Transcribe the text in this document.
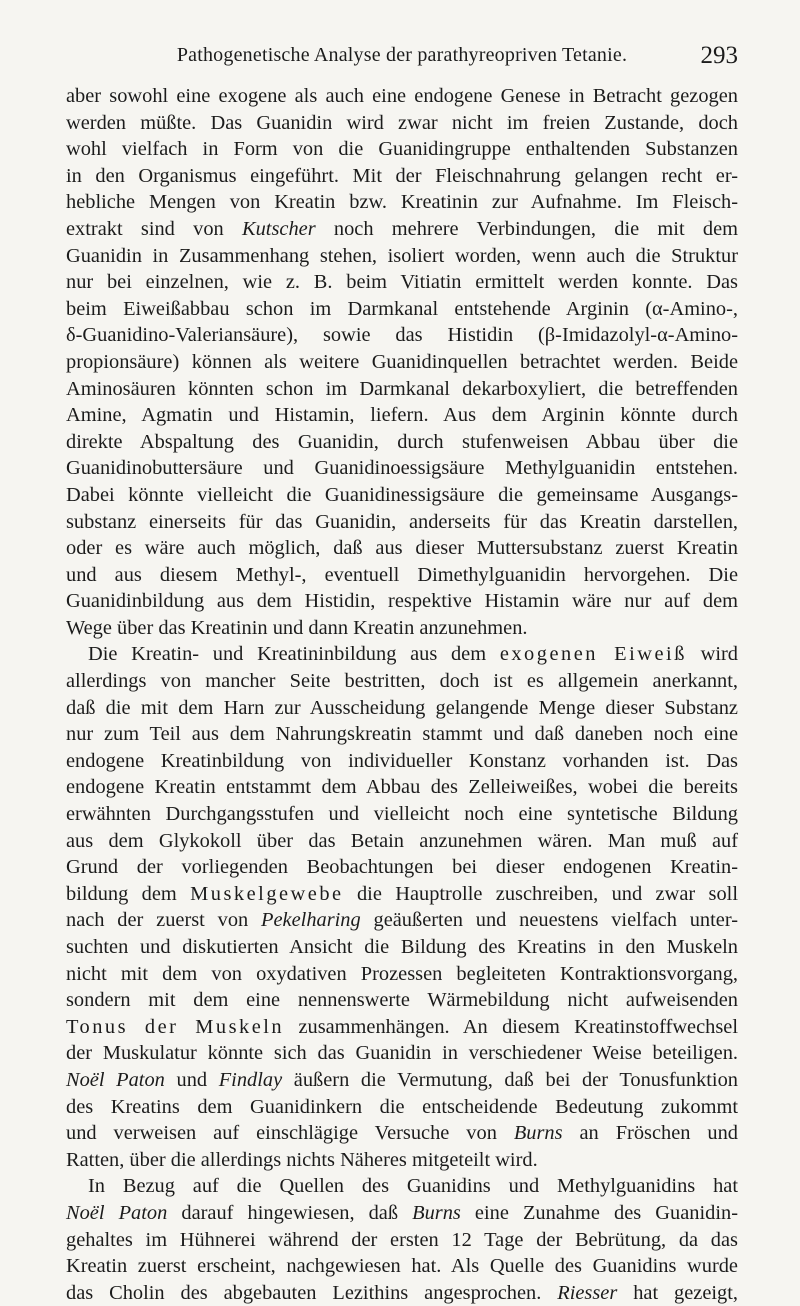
Pathogenetische Analyse der parathyreopriven Tetanie.	293
aber sowohl eine exogene als auch eine endogene Genese in Betracht gezogen
werden müßte. Das Guanidin wird zwar nicht im freien Zustande, doch
wohl vielfach in Form von die Guanidingruppe enthaltenden Substanzen
in den Organismus eingeführt. Mit der Fleischnahrung gelangen recht er-
hebliche Mengen von Kreatin bzw. Kreatinin zur Aufnahme. Im Fleisch-
extrakt sind von Kutscher noch mehrere Verbindungen, die mit dem
Guanidin in Zusammenhang stehen, isoliert worden, wenn auch die Struktur
nur bei einzelnen, wie z. B. beim Vitiatin ermittelt werden konnte. Das
beim Eiweißabbau schon im Darmkanal entstehende Arginin (α-Amino-,
δ-Guanidino-Valeriansäure), sowie das Histidin (β-Imidazolyl-α-Amino-
propionsäure) können als weitere Guanidinquellen betrachtet werden. Beide
Aminosäuren könnten schon im Darmkanal dekarboxyliert, die betreffenden
Amine, Agmatin und Histamin, liefern. Aus dem Arginin könnte durch
direkte Abspaltung des Guanidin, durch stufenweisen Abbau über die
Guanidinobuttersäure und Guanidinoessigsäure Methylguanidin entstehen.
Dabei könnte vielleicht die Guanidinessigsäure die gemeinsame Ausgangs-
substanz einerseits für das Guanidin, anderseits für das Kreatin darstellen,
oder es wäre auch möglich, daß aus dieser Muttersubstanz zuerst Kreatin
und aus diesem Methyl-, eventuell Dimethylguanidin hervorgehen. Die
Guanidinbildung aus dem Histidin, respektive Histamin wäre nur auf dem
Wege über das Kreatinin und dann Kreatin anzunehmen.
Die Kreatin- und Kreatininbildung aus dem exogenen Eiweiß wird
allerdings von mancher Seite bestritten, doch ist es allgemein anerkannt,
daß die mit dem Harn zur Ausscheidung gelangende Menge dieser Substanz
nur zum Teil aus dem Nahrungskreatin stammt und daß daneben noch eine
endogene Kreatinbildung von individueller Konstanz vorhanden ist. Das
endogene Kreatin entstammt dem Abbau des Zelleiweißes, wobei die bereits
erwähnten Durchgangsstufen und vielleicht noch eine syntetische Bildung
aus dem Glykokoll über das Betain anzunehmen wären. Man muß auf
Grund der vorliegenden Beobachtungen bei dieser endogenen Kreatin-
bildung dem Muskelgewebe die Hauptrolle zuschreiben, und zwar soll
nach der zuerst von Pekelharing geäußerten und neuestens vielfach unter-
suchten und diskutierten Ansicht die Bildung des Kreatins in den Muskeln
nicht mit dem von oxydativen Prozessen begleiteten Kontraktionsvorgang,
sondern mit dem eine nennenswerte Wärmebildung nicht aufweisenden
Tonus der Muskeln zusammenhängen. An diesem Kreatinstoffwechsel
der Muskulatur könnte sich das Guanidin in verschiedener Weise beteiligen.
Noël Paton und Findlay äußern die Vermutung, daß bei der Tonusfunktion
des Kreatins dem Guanidinkern die entscheidende Bedeutung zukommt
und verweisen auf einschlägige Versuche von Burns an Fröschen und
Ratten, über die allerdings nichts Näheres mitgeteilt wird.
In Bezug auf die Quellen des Guanidins und Methylguanidins hat
Noël Paton darauf hingewiesen, daß Burns eine Zunahme des Guanidin-
gehaltes im Hühnerei während der ersten 12 Tage der Bebrütung, da das
Kreatin zuerst erscheint, nachgewiesen hat. Als Quelle des Guanidins wurde
das Cholin des abgebauten Lezithins angesprochen. Riesser hat gezeigt,
